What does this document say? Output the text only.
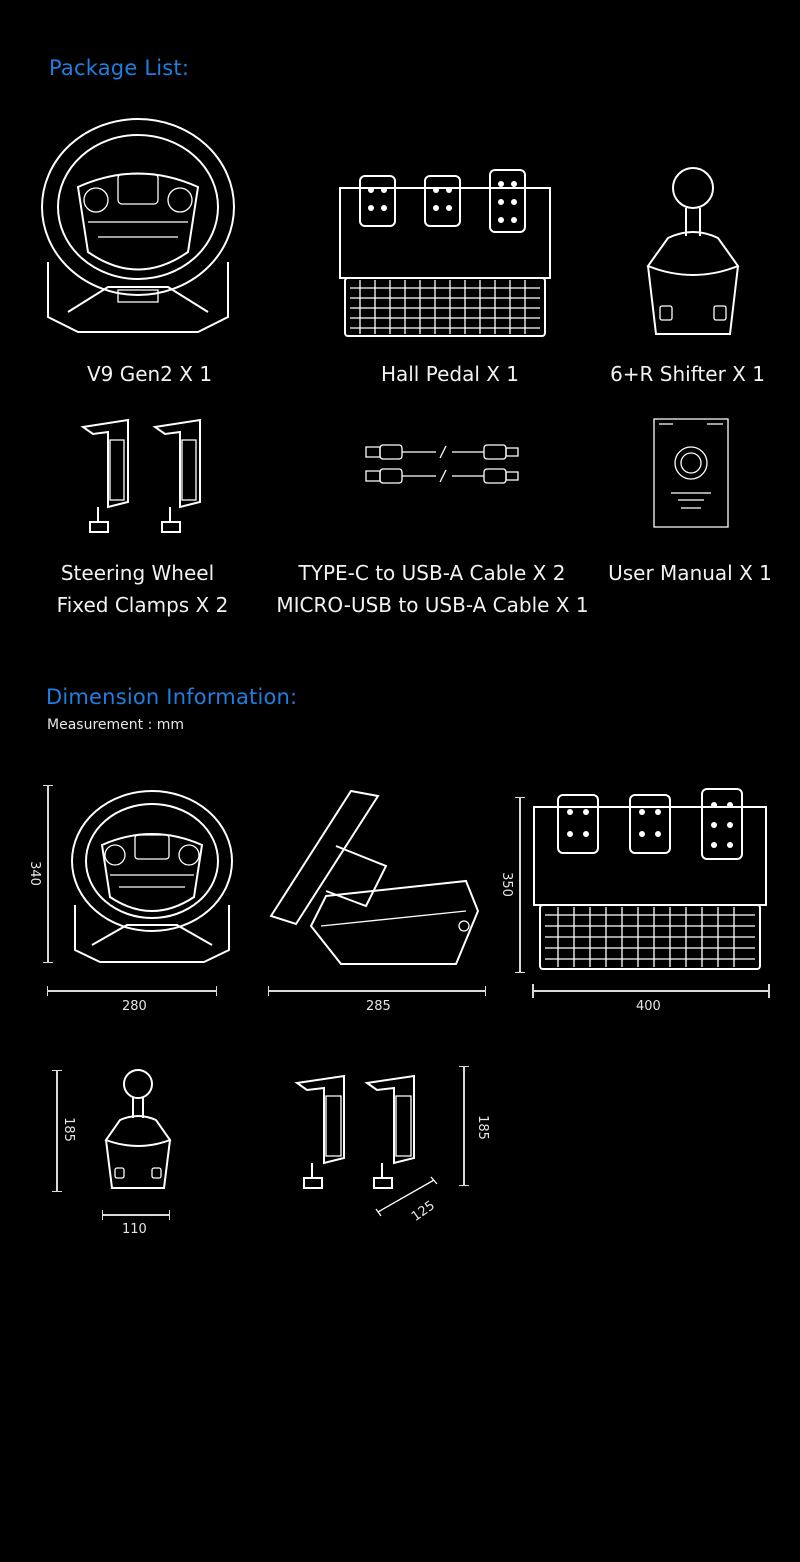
Package List:
V9 Gen2 X 1	Hall Pedal X 1	6+R Shifter X 1
Steering Wheel
Fixed Clamps X 2
TYPE-C to USB-A Cable X 2
MICRO-USB to USB-A Cable X 1
User Manual X 1
Dimension Information:
Measurement : mm
340
280	285
350
400
185
110
185
125
